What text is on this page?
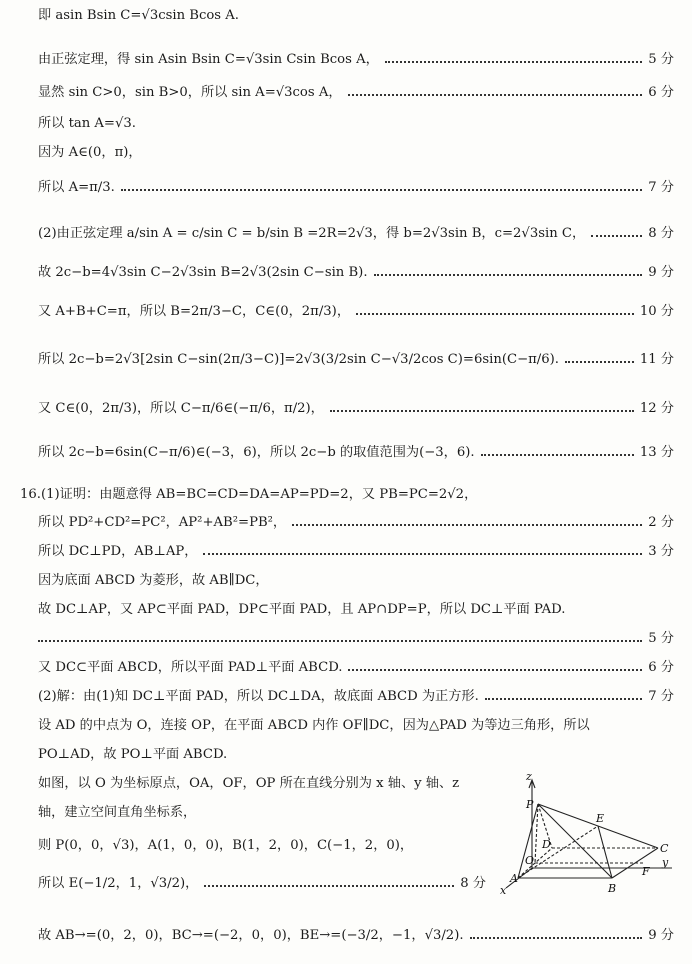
即 asin Bsin C=√3csin Bcos A.
由正弦定理，得 sin Asin Bsin C=√3sin Csin Bcos A，	5 分
显然 sin C>0，sin B>0，所以 sin A=√3cos A，	6 分
所以 tan A=√3.
因为 A∈(0，π)，
所以 A=π/3.	7 分
(2)由正弦定理 a/sin A = c/sin C = b/sin B =2R=2√3，得 b=2√3sin B，c=2√3sin C，	8 分
故 2c−b=4√3sin C−2√3sin B=2√3(2sin C−sin B).	9 分
又 A+B+C=π，所以 B=2π/3−C，C∈(0，2π/3)，	10 分
所以 2c−b=2√3[2sin C−sin(2π/3−C)]=2√3(3/2sin C−√3/2cos C)=6sin(C−π/6).	11 分
又 C∈(0，2π/3)，所以 C−π/6∈(−π/6，π/2)，	12 分
所以 2c−b=6sin(C−π/6)∈(−3，6)，所以 2c−b 的取值范围为(−3，6).	13 分
16.(1)证明：由题意得 AB=BC=CD=DA=AP=PD=2，又 PB=PC=2√2，
所以 PD²+CD²=PC²，AP²+AB²=PB²，	2 分
所以 DC⊥PD，AB⊥AP，	3 分
因为底面 ABCD 为菱形，故 AB∥DC，
故 DC⊥AP，又 AP⊂平面 PAD，DP⊂平面 PAD，且 AP∩DP=P，所以 DC⊥平面 PAD.
5 分
又 DC⊂平面 ABCD，所以平面 PAD⊥平面 ABCD.	6 分
(2)解：由(1)知 DC⊥平面 PAD，所以 DC⊥DA，故底面 ABCD 为正方形.	7 分
设 AD 的中点为 O，连接 OP，在平面 ABCD 内作 OF∥DC，因为△PAD 为等边三角形，所以
PO⊥AD，故 PO⊥平面 ABCD.
如图，以 O 为坐标原点，OA，OF，OP 所在直线分别为 x 轴、y 轴、z
轴，建立空间直角坐标系，
则 P(0，0，√3)，A(1，0，0)，B(1，2，0)，C(−1，2，0)，
所以 E(−1/2，1，√3/2)，	8 分
故 AB→=(0，2，0)，BC→=(−2，0，0)，BE→=(−3/2，−1，√3/2).	9 分
z
P
E
D
O
C
F
y
A
B
x
